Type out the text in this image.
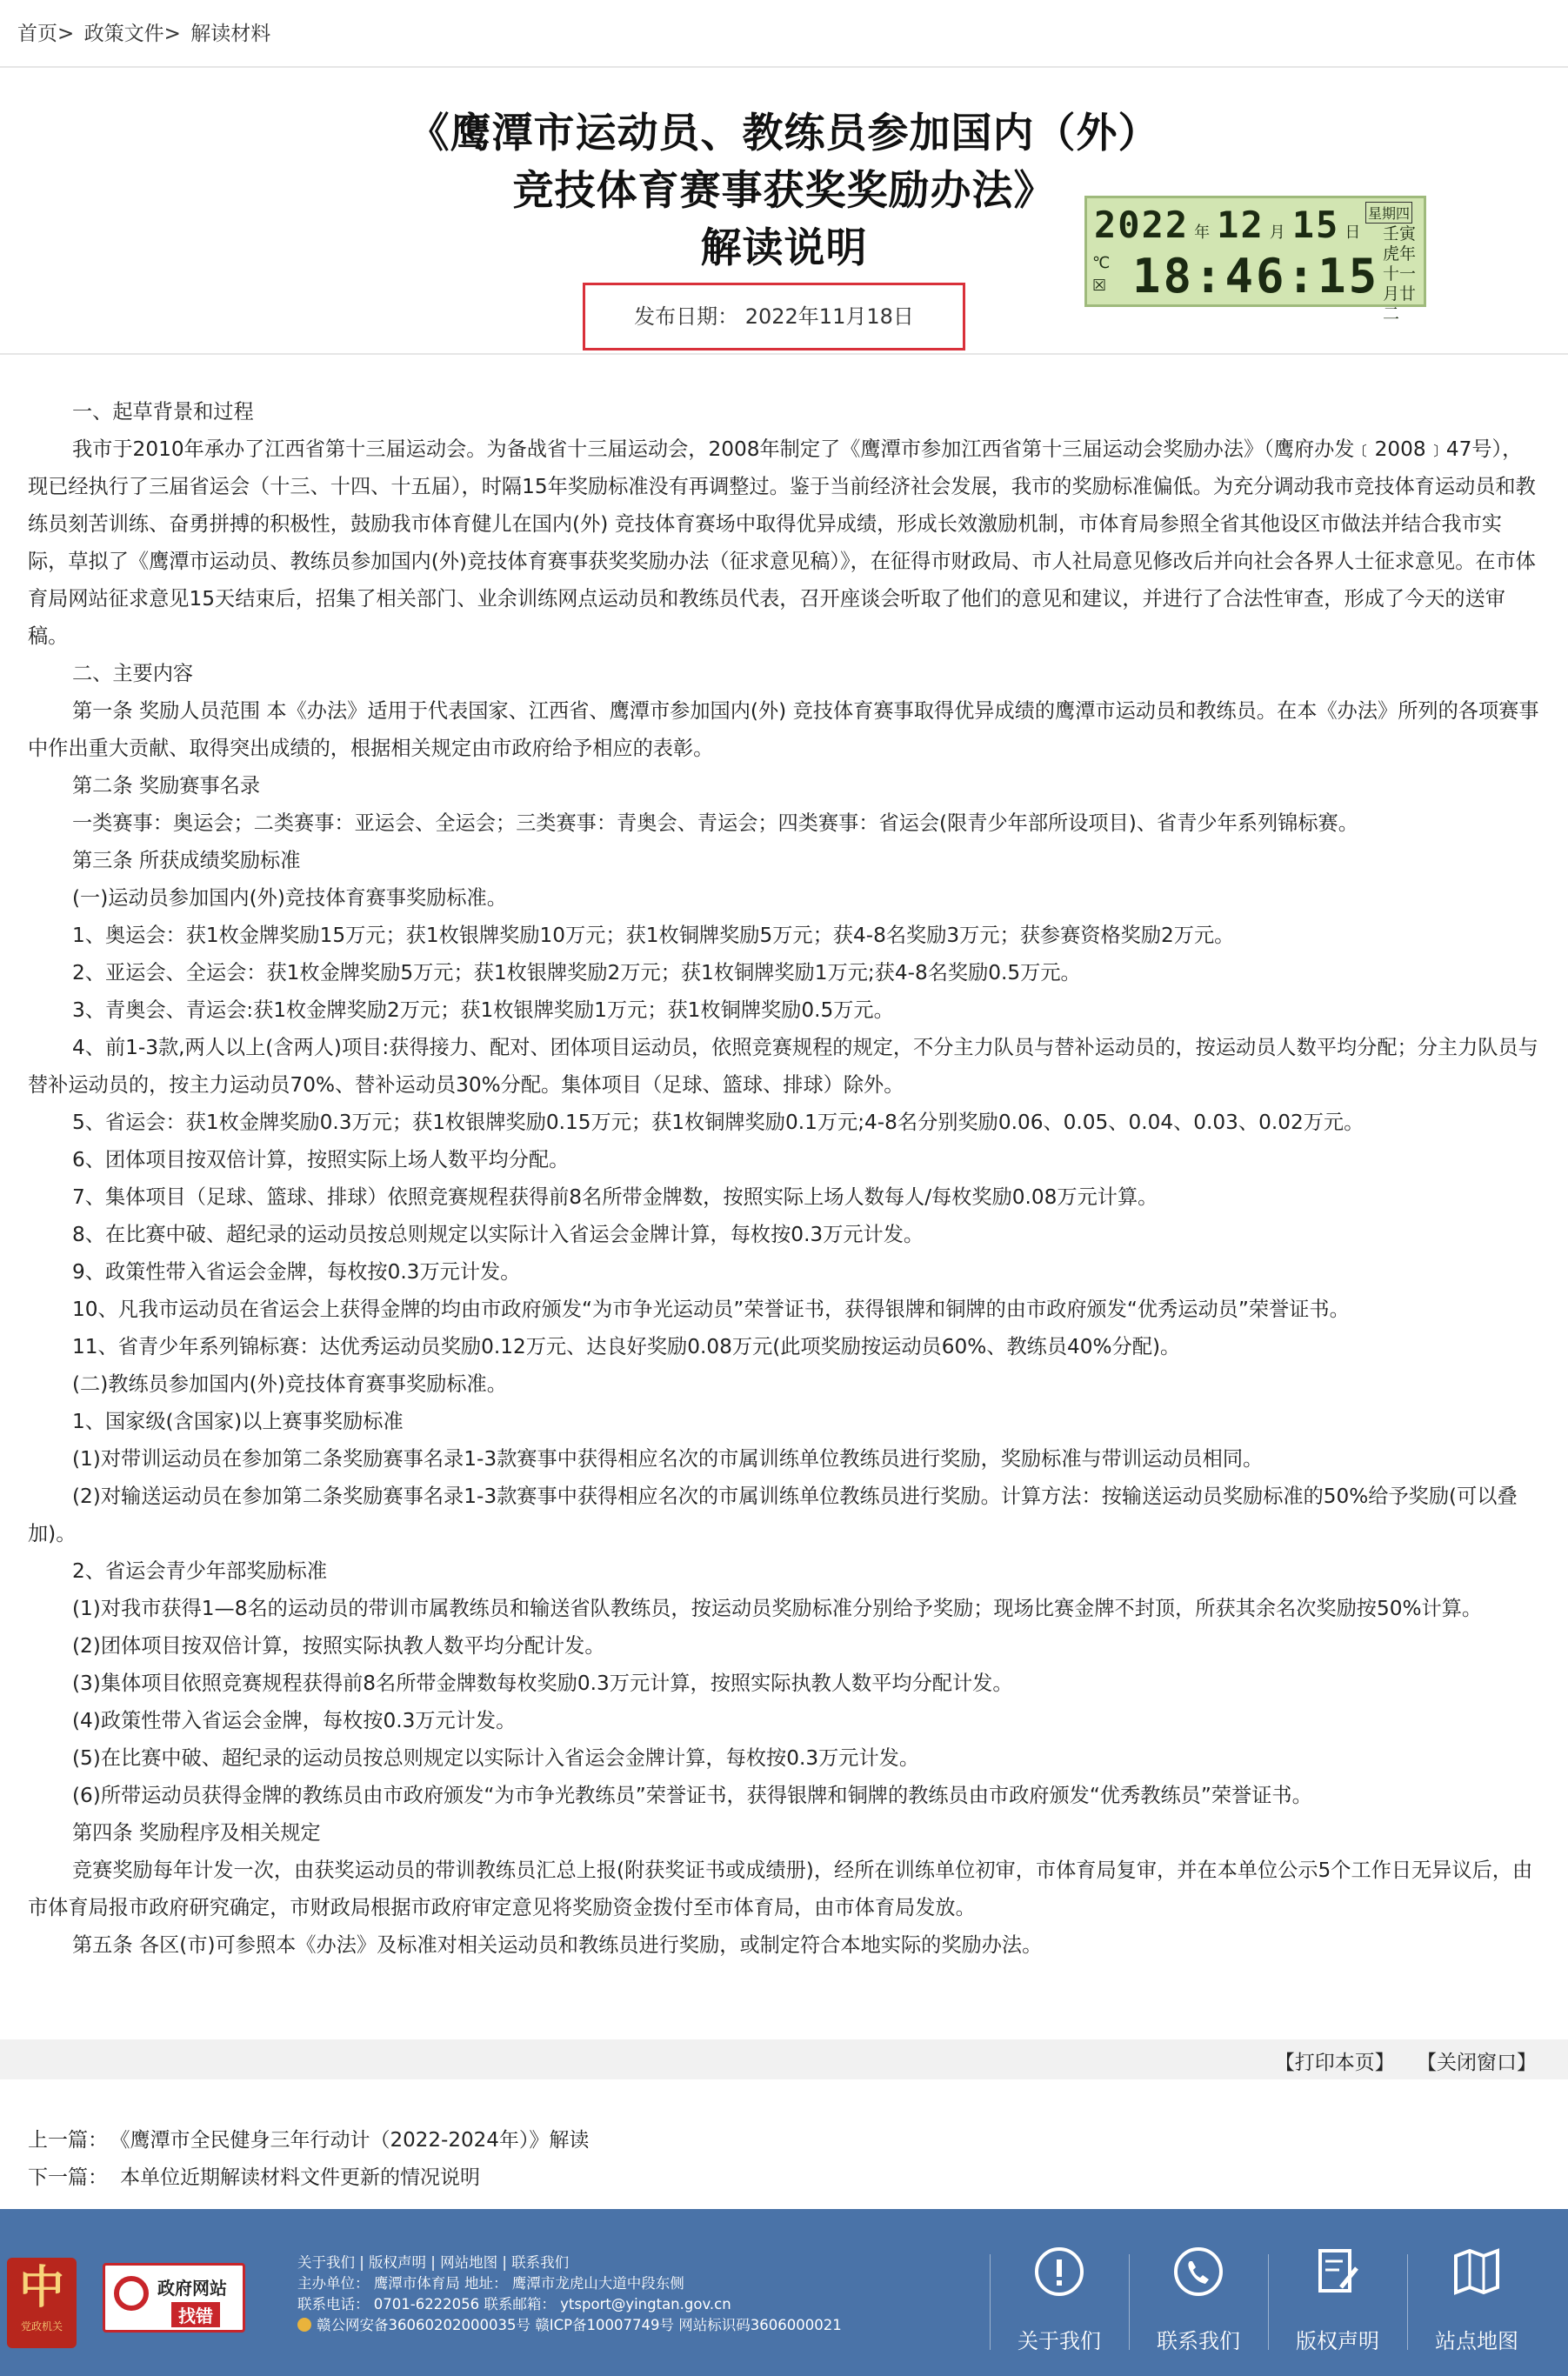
首页> 政策文件> 解读材料
《鹰潭市运动员、教练员参加国内（外）
竞技体育赛事获奖奖励办法》
解读说明	2022 年 12 月 15 日
星期四
壬寅虎年十一月廿二
℃
☒ 18:46:15
发布日期： 2022年11月18日

一、起草背景和过程

我市于2010年承办了江西省第十三届运动会。为备战省十三届运动会，2008年制定了《鹰潭市参加江西省第十三届运动会奖励办法》（鹰府办发﹝2008﹞47号），现已经执行了三届省运会（十三、十四、十五届），时隔15年奖励标准没有再调整过。鉴于当前经济社会发展，我市的奖励标准偏低。为充分调动我市竞技体育运动员和教练员刻苦训练、奋勇拼搏的积极性，鼓励我市体育健儿在国内(外) 竞技体育赛场中取得优异成绩，形成长效激励机制，市体育局参照全省其他设区市做法并结合我市实际，草拟了《鹰潭市运动员、教练员参加国内(外)竞技体育赛事获奖奖励办法（征求意见稿）》，在征得市财政局、市人社局意见修改后并向社会各界人士征求意见。在市体育局网站征求意见15天结束后，招集了相关部门、业余训练网点运动员和教练员代表，召开座谈会听取了他们的意见和建议，并进行了合法性审查，形成了今天的送审稿。

二、主要内容

第一条 奖励人员范围 本《办法》适用于代表国家、江西省、鹰潭市参加国内(外) 竞技体育赛事取得优异成绩的鹰潭市运动员和教练员。在本《办法》所列的各项赛事中作出重大贡献、取得突出成绩的，根据相关规定由市政府给予相应的表彰。

第二条 奖励赛事名录

一类赛事：奥运会；二类赛事：亚运会、全运会；三类赛事：青奥会、青运会；四类赛事：省运会(限青少年部所设项目)、省青少年系列锦标赛。

第三条 所获成绩奖励标准

(一)运动员参加国内(外)竞技体育赛事奖励标准。

1、奥运会：获1枚金牌奖励15万元；获1枚银牌奖励10万元；获1枚铜牌奖励5万元；获4-8名奖励3万元；获参赛资格奖励2万元。

2、亚运会、全运会：获1枚金牌奖励5万元；获1枚银牌奖励2万元；获1枚铜牌奖励1万元;获4-8名奖励0.5万元。

3、青奥会、青运会:获1枚金牌奖励2万元；获1枚银牌奖励1万元；获1枚铜牌奖励0.5万元。

4、前1-3款,两人以上(含两人)项目:获得接力、配对、团体项目运动员，依照竞赛规程的规定，不分主力队员与替补运动员的，按运动员人数平均分配；分主力队员与替补运动员的，按主力运动员70%、替补运动员30%分配。集体项目（足球、篮球、排球）除外。

5、省运会：获1枚金牌奖励0.3万元；获1枚银牌奖励0.15万元；获1枚铜牌奖励0.1万元;4-8名分别奖励0.06、0.05、0.04、0.03、0.02万元。

6、团体项目按双倍计算，按照实际上场人数平均分配。

7、集体项目（足球、篮球、排球）依照竞赛规程获得前8名所带金牌数，按照实际上场人数每人/每枚奖励0.08万元计算。

8、在比赛中破、超纪录的运动员按总则规定以实际计入省运会金牌计算，每枚按0.3万元计发。

9、政策性带入省运会金牌，每枚按0.3万元计发。

10、凡我市运动员在省运会上获得金牌的均由市政府颁发“为市争光运动员”荣誉证书，获得银牌和铜牌的由市政府颁发“优秀运动员”荣誉证书。

11、省青少年系列锦标赛：达优秀运动员奖励0.12万元、达良好奖励0.08万元(此项奖励按运动员60%、教练员40%分配)。

(二)教练员参加国内(外)竞技体育赛事奖励标准。

1、国家级(含国家)以上赛事奖励标准

(1)对带训运动员在参加第二条奖励赛事名录1-3款赛事中获得相应名次的市属训练单位教练员进行奖励，奖励标准与带训运动员相同。

(2)对输送运动员在参加第二条奖励赛事名录1-3款赛事中获得相应名次的市属训练单位教练员进行奖励。计算方法：按输送运动员奖励标准的50%给予奖励(可以叠加)。

2、省运会青少年部奖励标准

(1)对我市获得1—8名的运动员的带训市属教练员和输送省队教练员，按运动员奖励标准分别给予奖励；现场比赛金牌不封顶，所获其余名次奖励按50%计算。

(2)团体项目按双倍计算，按照实际执教人数平均分配计发。

(3)集体项目依照竞赛规程获得前8名所带金牌数每枚奖励0.3万元计算，按照实际执教人数平均分配计发。

(4)政策性带入省运会金牌，每枚按0.3万元计发。

(5)在比赛中破、超纪录的运动员按总则规定以实际计入省运会金牌计算，每枚按0.3万元计发。

(6)所带运动员获得金牌的教练员由市政府颁发“为市争光教练员”荣誉证书，获得银牌和铜牌的教练员由市政府颁发“优秀教练员”荣誉证书。

第四条 奖励程序及相关规定

竞赛奖励每年计发一次，由获奖运动员的带训教练员汇总上报(附获奖证书或成绩册)，经所在训练单位初审，市体育局复审，并在本单位公示5个工作日无异议后，由市体育局报市政府研究确定，市财政局根据市政府审定意见将奖励资金拨付至市体育局，由市体育局发放。

第五条 各区(市)可参照本《办法》及标准对相关运动员和教练员进行奖励，或制定符合本地实际的奖励办法。

【打印本页】 【关闭窗口】
上一篇： 《鹰潭市全民健身三年行动计（2022-2024年）》解读
下一篇： 本单位近期解读材料文件更新的情况说明
中
党政机关
政府网站
找错
关于我们 | 版权声明 | 网站地图 | 联系我们
主办单位： 鹰潭市体育局 地址： 鹰潭市龙虎山大道中段东侧
联系电话： 0701-6222056 联系邮箱： ytsport@yingtan.gov.cn
赣公网安备36060202000035号 赣ICP备10007749号 网站标识码3606000021
关于我们	联系我们	版权声明	站点地图
